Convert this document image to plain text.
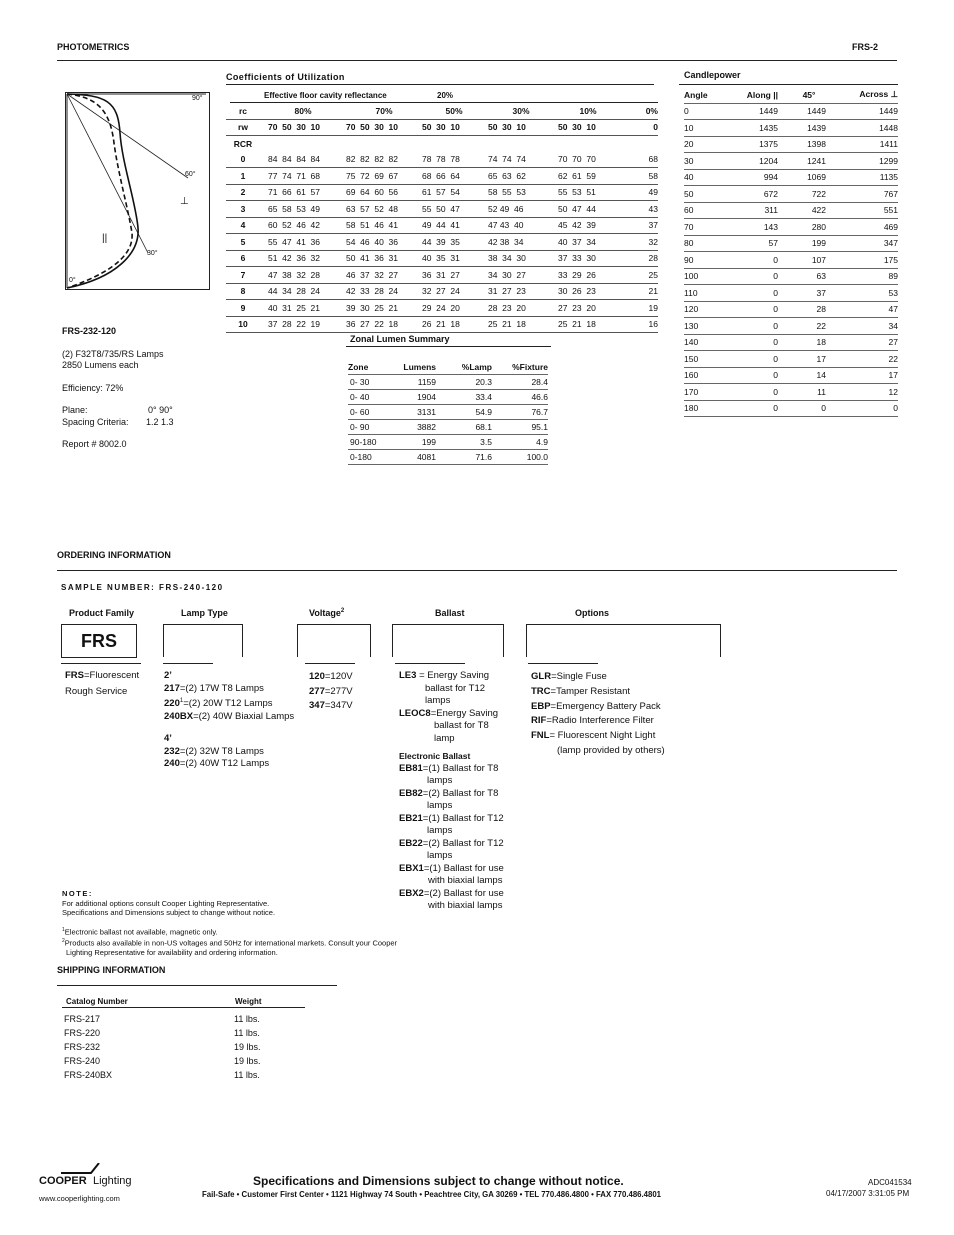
PHOTOMETRICS	FRS-2
90°
60°
30°
0°
⊥
||
FRS-232-120
(2) F32T8/735/RS Lamps
2850 Lumens each
Efficiency: 72%
Plane:	0° 90°
Spacing Criteria: 1.2 1.3
Report # 8002.0
Coefficients of Utilization
Effective floor cavity reflectance	20%
rc	80%	70%	50%	30%	10%	0%
rw	70  50  30  10	70  50  30  10	50  30  10	50  30  10	50  30  10	0
RCR						
0	84  84  84  84	82  82  82  82	78  78  78	74  74  74	70  70  70	68
1	77  74  71  68	75  72  69  67	68  66  64	65  63  62	62  61  59	58
2	71  66  61  57	69  64  60  56	61  57  54	58  55  53	55  53  51	49
3	65  58  53  49	63  57  52  48	55  50  47	52 49  46	50  47  44	43
4	60  52  46  42	58  51  46  41	49  44  41	47 43  40	45  42  39	37
5	55  47  41  36	54  46  40  36	44  39  35	42 38  34	40  37  34	32
6	51  42  36  32	50  41  36  31	40  35  31	38  34  30	37  33  30	28
7	47  38  32  28	46  37  32  27	36  31  27	34  30  27	33  29  26	25
8	44  34  28  24	42  33  28  24	32  27  24	31  27  23	30  26  23	21
9	40  31  25  21	39  30  25  21	29  24  20	28  23  20	27  23  20	19
10	37  28  22  19	36  27  22  18	26  21  18	25  21  18	25  21  18	16
Candlepower
Angle	Along ||	45°	Across ⊥
0	1449	1449	1449
10	1435	1439	1448
20	1375	1398	1411
30	1204	1241	1299
40	994	1069	1135
50	672	722	767
60	311	422	551
70	143	280	469
80	57	199	347
90	0	107	175
100	0	63	89
110	0	37	53
120	0	28	47
130	0	22	34
140	0	18	27
150	0	17	22
160	0	14	17
170	0	11	12
180	0	0	0
Zonal Lumen Summary
Zone	Lumens	%Lamp	%Fixture
0- 30	1159	20.3	28.4
0- 40	1904	33.4	46.6
0- 60	3131	54.9	76.7
0- 90	3882	68.1	95.1
90-180	199	3.5	4.9
0-180	4081	71.6	100.0
ORDERING INFORMATION
SAMPLE NUMBER: FRS-240-120
Product Family	Lamp Type	Voltage$^2$	Ballast	Options
FRS
FRS=Fluorescent
Rough Service
2’
217=(2) 17W T8 Lamps
$220^1=(2)$ 20W T12 Lamps
240BX=(2) 40W Biaxial Lamps
4’
232=(2) 32W T8 Lamps
240=(2) 40W T12 Lamps
120=120V
277=277V
347=347V
LE3 = Energy Saving
ballast for T12
lamps
LEOC8=Energy Saving
ballast for T8
lamp
Electronic Ballast
EB81=(1) Ballast for T8
lamps
EB82=(2) Ballast for T8
lamps
EB21=(1) Ballast for T12
lamps
EB22=(2) Ballast for T12
lamps
EBX1=(1) Ballast for use
with biaxial lamps
EBX2=(2) Ballast for use
with biaxial lamps
GLR=Single Fuse
TRC=Tamper Resistant
EBP=Emergency Battery Pack
RIF=Radio Interference Filter
FNL= Fluorescent Night Light
(lamp provided by others)
NOTE:
For additional options consult Cooper Lighting Representative.
Specifications and Dimensions subject to change without notice.
$^1$Electronic ballast not available, magnetic only.
$^2$Products also available in non-US voltages and 50Hz for international markets. Consult your Cooper
Lighting Representative for availability and ordering information.
SHIPPING INFORMATION
Catalog Number	Weight
FRS-217	11 lbs.
FRS-220	11 lbs.
FRS-232	19 lbs.
FRS-240	19 lbs.
FRS-240BX	11 lbs.
COOPER Lighting
www.cooperlighting.com
Specifications and Dimensions subject to change without notice.
Fail-Safe • Customer First Center • 1121 Highway 74 South • Peachtree City, GA 30269 • TEL 770.486.4800 • FAX 770.486.4801
ADC041534
04/17/2007 3:31:05 PM
